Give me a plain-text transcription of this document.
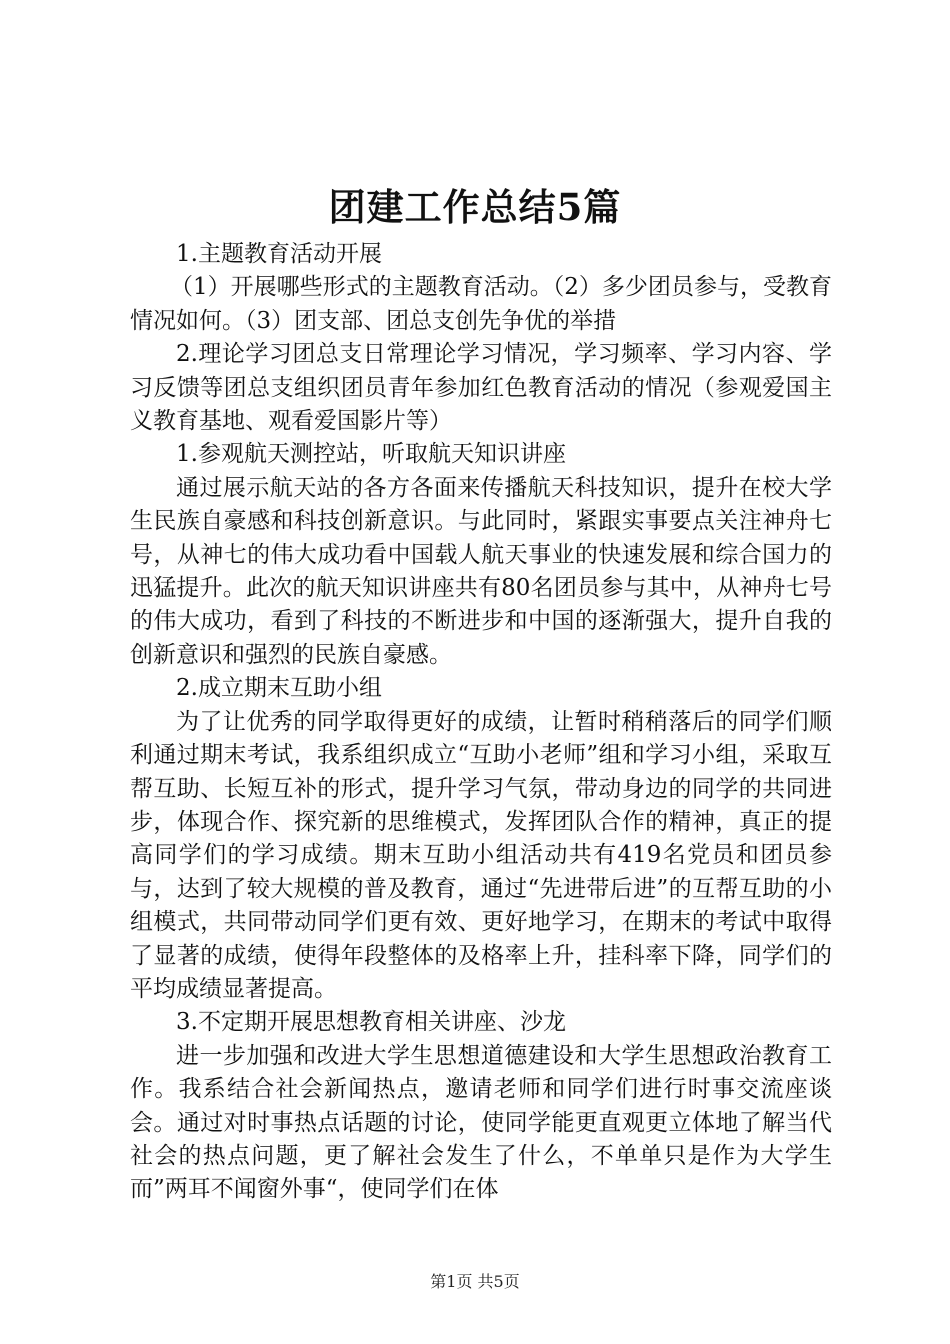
团建工作总结5篇

1.主题教育活动开展

（1）开展哪些形式的主题教育活动。（2）多少团员参与，受教育情况如何。（3）团支部、团总支创先争优的举措

2.理论学习团总支日常理论学习情况，学习频率、学习内容、学习反馈等团总支组织团员青年参加红色教育活动的情况（参观爱国主义教育基地、观看爱国影片等）

1.参观航天测控站，听取航天知识讲座

通过展示航天站的各方各面来传播航天科技知识，提升在校大学生民族自豪感和科技创新意识。与此同时，紧跟实事要点关注神舟七号，从神七的伟大成功看中国载人航天事业的快速发展和综合国力的迅猛提升。此次的航天知识讲座共有80名团员参与其中，从神舟七号的伟大成功，看到了科技的不断进步和中国的逐渐强大，提升自我的创新意识和强烈的民族自豪感。

2.成立期末互助小组

为了让优秀的同学取得更好的成绩，让暂时稍稍落后的同学们顺利通过期末考试，我系组织成立“互助小老师”组和学习小组，采取互帮互助、长短互补的形式，提升学习气氛，带动身边的同学的共同进步，体现合作、探究新的思维模式，发挥团队合作的精神，真正的提高同学们的学习成绩。期末互助小组活动共有419名党员和团员参与，达到了较大规模的普及教育，通过“先进带后进”的互帮互助的小组模式，共同带动同学们更有效、更好地学习，在期末的考试中取得了显著的成绩，使得年段整体的及格率上升，挂科率下降，同学们的平均成绩显著提高。

3.不定期开展思想教育相关讲座、沙龙

进一步加强和改进大学生思想道德建设和大学生思想政治教育工作。我系结合社会新闻热点，邀请老师和同学们进行时事交流座谈会。通过对时事热点话题的讨论，使同学能更直观更立体地了解当代社会的热点问题，更了解社会发生了什么，不单单只是作为大学生而”两耳不闻窗外事“，使同学们在体

第1页 共5页
